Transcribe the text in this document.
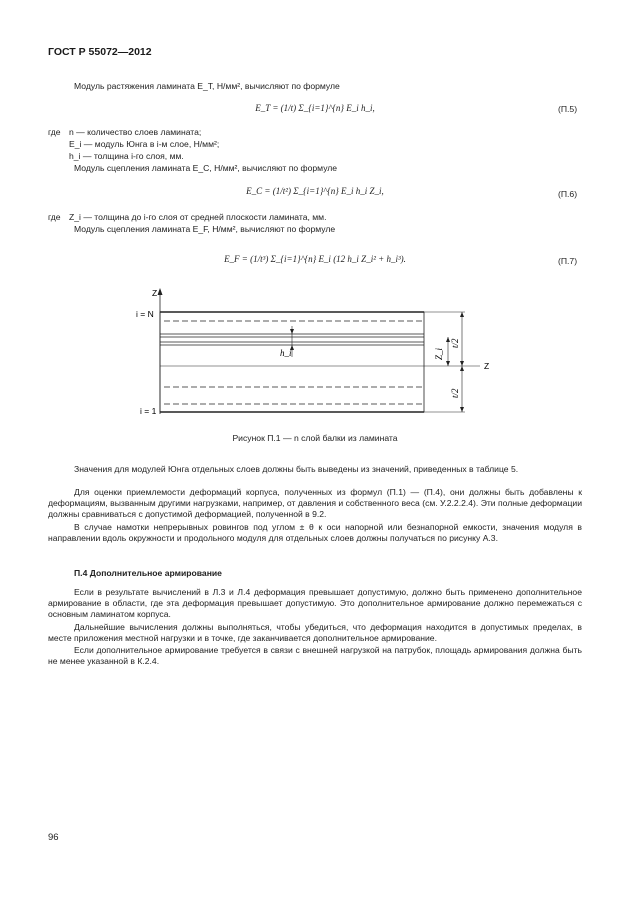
ГОСТ Р 55072—2012
Модуль растяжения ламината E_T, Н/мм², вычисляют по формуле
E_T = (1/t) Σ_{i=1}^{n} E_i h_i,	(П.5)
где n — количество слоев ламината;
E_i — модуль Юнга в i-м слое, Н/мм²;
h_i — толщина i-го слоя, мм.
Модуль сцепления ламината E_C, Н/мм², вычисляют по формуле
E_C = (1/t²) Σ_{i=1}^{n} E_i h_i Z_i,	(П.6)
где Z_i — толщина до i-го слоя от средней плоскости ламината, мм.
Модуль сцепления ламината E_F, Н/мм², вычисляют по формуле
E_F = (1/t³) Σ_{i=1}^{n} E_i (12 h_i Z_i² + h_i³).	(П.7)
Z
i = N
i = 1
Z
h_i	Z_i
t/2
t/2
Рисунок П.1 — n слой балки из ламината
Значения для модулей Юнга отдельных слоев должны быть выведены из значений, приведенных в таблице 5.
Для оценки приемлемости деформаций корпуса, полученных из формул (П.1) — (П.4), они должны быть добавлены к деформациям, вызванным другими нагрузками, например, от давления и собственного веса (см. У.2.2.2.4). Эти полные деформации должны сравниваться с допустимой деформацией, полученной в 9.2.
В случае намотки непрерывных ровингов под углом ± θ к оси напорной или безнапорной емкости, значения модуля в направлении вдоль окружности и продольного модуля для отдельных слоев должны получаться по рисунку А.3.
П.4 Дополнительное армирование
Если в результате вычислений в Л.3 и Л.4 деформация превышает допустимую, должно быть применено дополнительное армирование в области, где эта деформация превышает допустимую. Это дополнительное армирование должно перемежаться с основным ламинатом корпуса.
Дальнейшие вычисления должны выполняться, чтобы убедиться, что деформация находится в допустимых пределах, в месте приложения местной нагрузки и в точке, где заканчивается дополнительное армирование.
Если дополнительное армирование требуется в связи с внешней нагрузкой на патрубок, площадь армирования должна быть не менее указанной в К.2.4.
96
